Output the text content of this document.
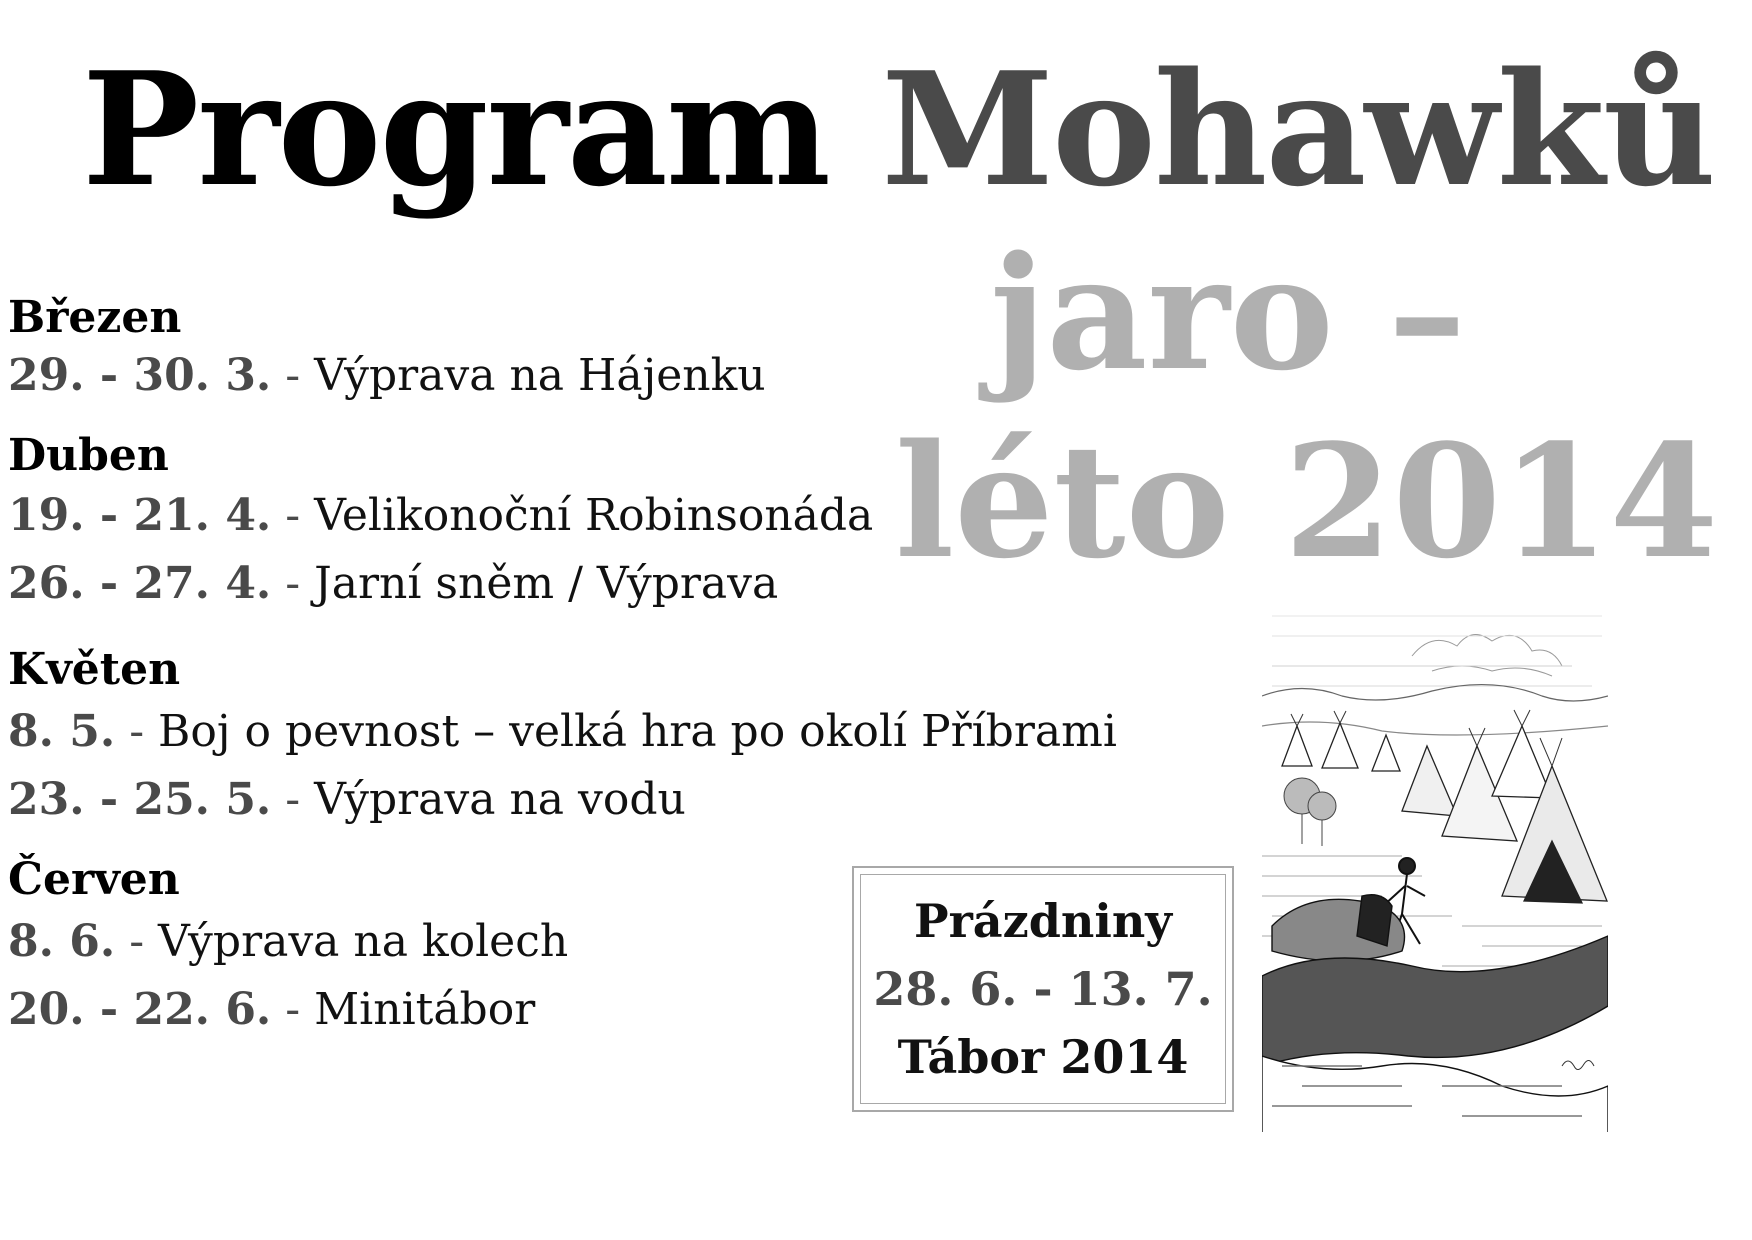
Program Mohawků
jaro –
léto 2014
Březen
29. - 30. 3. - Výprava na Hájenku
Duben
19. - 21. 4. - Velikonoční Robinsonáda
26. - 27. 4. - Jarní sněm / Výprava
Květen
8. 5. - Boj o pevnost – velká hra po okolí Příbrami
23. - 25. 5. - Výprava na vodu
Červen
8. 6. - Výprava na kolech
20. - 22. 6. - Minitábor
Prázdniny
28. 6. - 13. 7.
Tábor 2014
